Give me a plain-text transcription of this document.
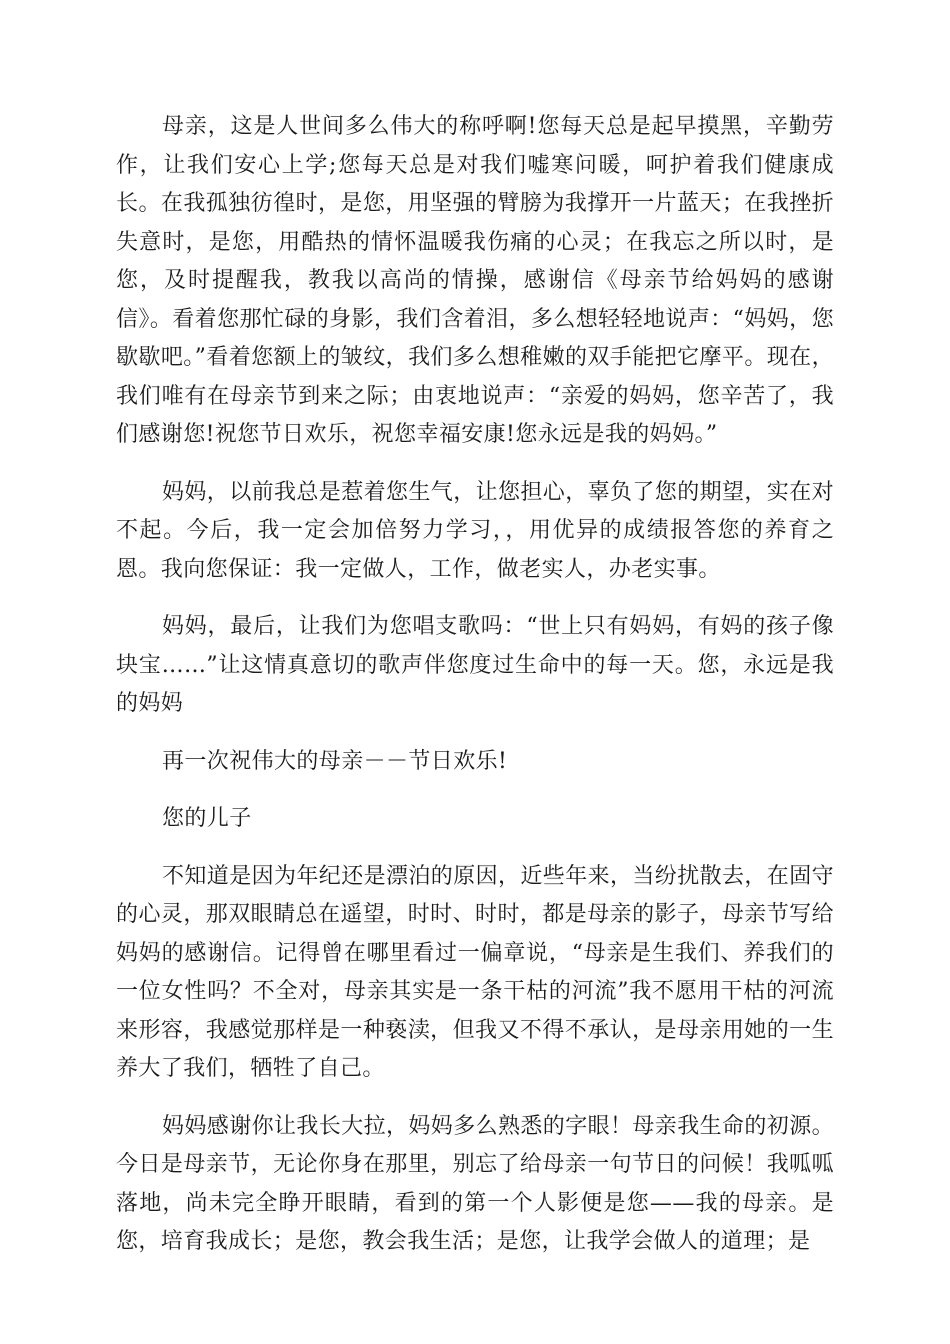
母亲，这是人世间多么伟大的称呼啊!您每天总是起早摸黑，辛勤劳作，让我们安心上学;您每天总是对我们嘘寒问暖，呵护着我们健康成长。在我孤独彷徨时，是您，用坚强的臂膀为我撑开一片蓝天；在我挫折失意时，是您，用酷热的情怀温暖我伤痛的心灵；在我忘之所以时，是您，及时提醒我，教我以高尚的情操，感谢信《母亲节给妈妈的感谢信》。看着您那忙碌的身影，我们含着泪，多么想轻轻地说声：“妈妈，您歇歇吧。”看着您额上的皱纹，我们多么想稚嫩的双手能把它摩平。现在，我们唯有在母亲节到来之际；由衷地说声：“亲爱的妈妈，您辛苦了，我们感谢您!祝您节日欢乐，祝您幸福安康!您永远是我的妈妈。”

妈妈，以前我总是惹着您生气，让您担心，辜负了您的期望，实在对不起。今后，我一定会加倍努力学习，，用优异的成绩报答您的养育之恩。我向您保证：我一定做人，工作，做老实人，办老实事。

妈妈，最后，让我们为您唱支歌吗：“世上只有妈妈，有妈的孩子像块宝……”让这情真意切的歌声伴您度过生命中的每一天。您，永远是我的妈妈

再一次祝伟大的母亲－－节日欢乐!

您的儿子

不知道是因为年纪还是漂泊的原因，近些年来，当纷扰散去，在固守的心灵，那双眼睛总在遥望，时时、时时，都是母亲的影子，母亲节写给妈妈的感谢信。记得曾在哪里看过一偏章说，“母亲是生我们、养我们的一位女性吗？不全对，母亲其实是一条干枯的河流”我不愿用干枯的河流来形容，我感觉那样是一种亵渎，但我又不得不承认，是母亲用她的一生养大了我们，牺牲了自己。

妈妈感谢你让我长大拉，妈妈多么熟悉的字眼！母亲我生命的初源。今日是母亲节，无论你身在那里，别忘了给母亲一句节日的问候！我呱呱落地，尚未完全睁开眼睛，看到的第一个人影便是您——我的母亲。是您，培育我成长；是您，教会我生活；是您，让我学会做人的道理；是
